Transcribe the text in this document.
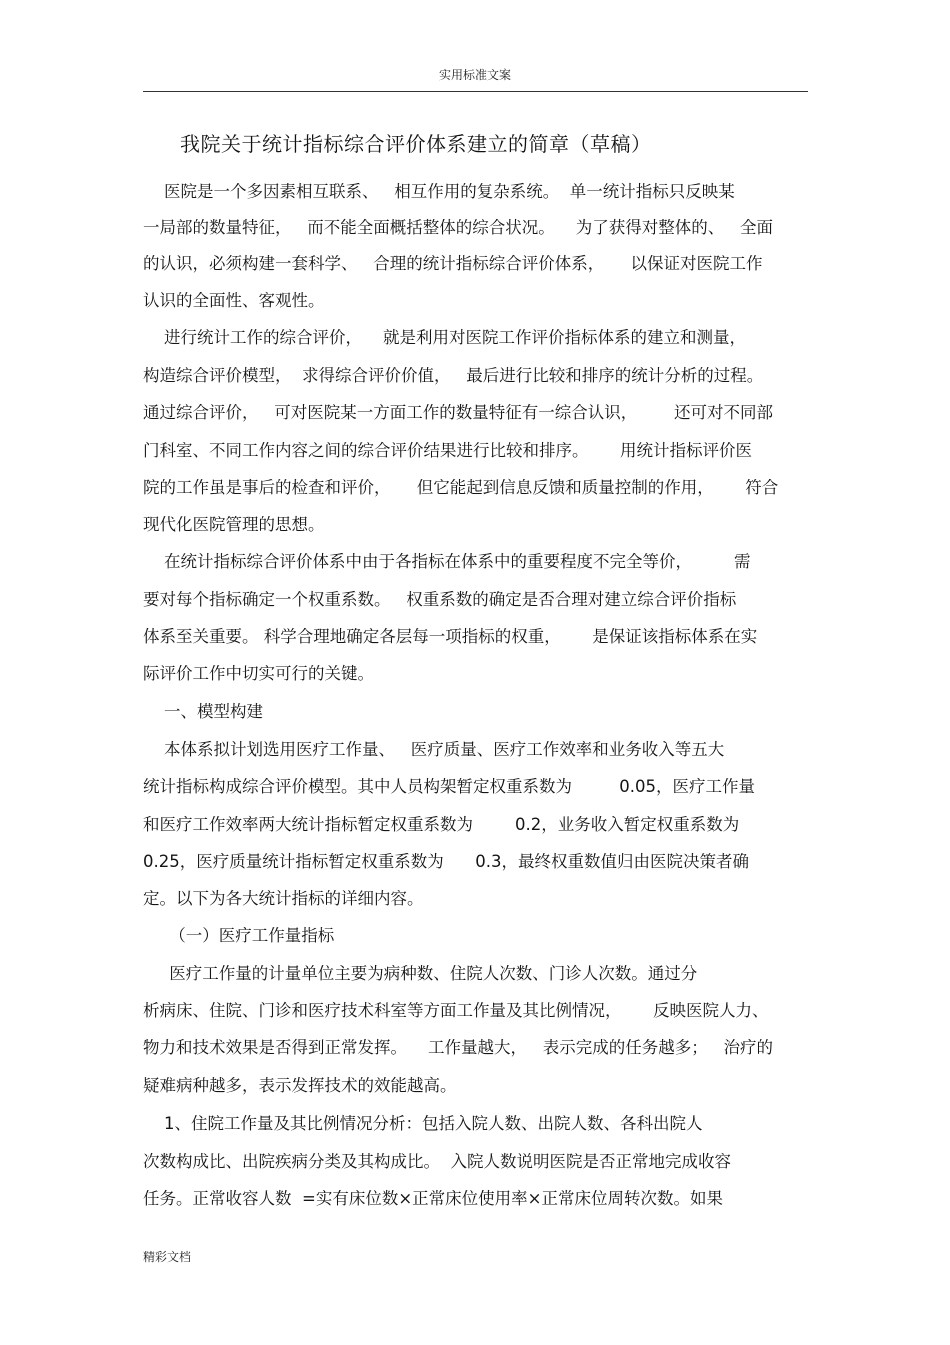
实用标准文案
我院关于统计指标综合评价体系建立的简章（草稿）
医院是一个多因素相互联系、   相互作用的复杂系统。  单一统计指标只反映某
一局部的数量特征，   而不能全面概括整体的综合状况。    为了获得对整体的、   全面
的认识，必须构建一套科学、   合理的统计指标综合评价体系，     以保证对医院工作
认识的全面性、客观性。
进行统计工作的综合评价，    就是利用对医院工作评价指标体系的建立和测量，
构造综合评价模型，  求得综合评价价值，   最后进行比较和排序的统计分析的过程。
通过综合评价，   可对医院某一方面工作的数量特征有一综合认识，       还可对不同部
门科室、不同工作内容之间的综合评价结果进行比较和排序。      用统计指标评价医
院的工作虽是事后的检查和评价，     但它能起到信息反馈和质量控制的作用，      符合
现代化医院管理的思想。
在统计指标综合评价体系中由于各指标在体系中的重要程度不完全等价，        需
要对每个指标确定一个权重系数。   权重系数的确定是否合理对建立综合评价指标
体系至关重要。 科学合理地确定各层每一项指标的权重，      是保证该指标体系在实
际评价工作中切实可行的关键。
一、模型构建
本体系拟计划选用医疗工作量、   医疗质量、医疗工作效率和业务收入等五大
统计指标构成综合评价模型。其中人员构架暂定权重系数为         0.05，医疗工作量
和医疗工作效率两大统计指标暂定权重系数为        0.2，业务收入暂定权重系数为
0.25，医疗质量统计指标暂定权重系数为      0.3，最终权重数值归由医院决策者确
定。以下为各大统计指标的详细内容。
（一）医疗工作量指标
医疗工作量的计量单位主要为病种数、住院人次数、门诊人次数。通过分
析病床、住院、门诊和医疗技术科室等方面工作量及其比例情况，      反映医院人力、
物力和技术效果是否得到正常发挥。    工作量越大，   表示完成的任务越多；   治疗的
疑难病种越多，表示发挥技术的效能越高。
1、住院工作量及其比例情况分析：包括入院人数、出院人数、各科出院人
次数构成比、出院疾病分类及其构成比。  入院人数说明医院是否正常地完成收容
任务。正常收容人数  =实有床位数×正常床位使用率×正常床位周转次数。如果
精彩文档
